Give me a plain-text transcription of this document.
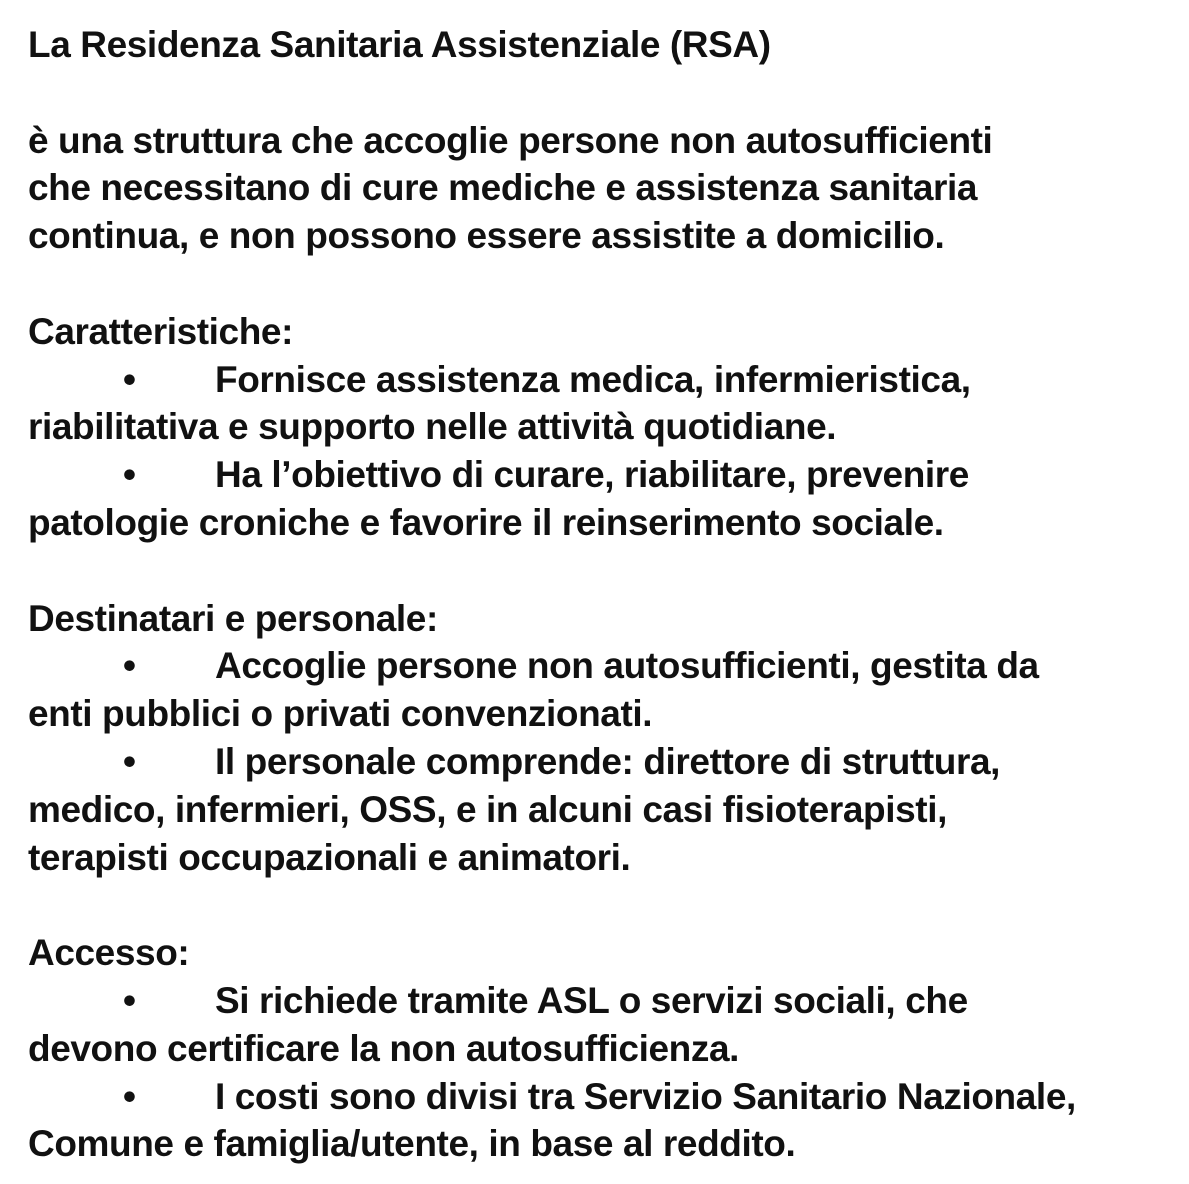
La Residenza Sanitaria Assistenziale (RSA)
è una struttura che accoglie persone non autosufficienti
che necessitano di cure mediche e assistenza sanitaria
continua, e non possono essere assistite a domicilio.
Caratteristiche:
• Fornisce assistenza medica, infermieristica,
riabilitativa e supporto nelle attività quotidiane.
• Ha l’obiettivo di curare, riabilitare, prevenire
patologie croniche e favorire il reinserimento sociale.
Destinatari e personale:
• Accoglie persone non autosufficienti, gestita da
enti pubblici o privati convenzionati.
• Il personale comprende: direttore di struttura,
medico, infermieri, OSS, e in alcuni casi fisioterapisti,
terapisti occupazionali e animatori.
Accesso:
• Si richiede tramite ASL o servizi sociali, che
devono certificare la non autosufficienza.
• I costi sono divisi tra Servizio Sanitario Nazionale,
Comune e famiglia/utente, in base al reddito.
